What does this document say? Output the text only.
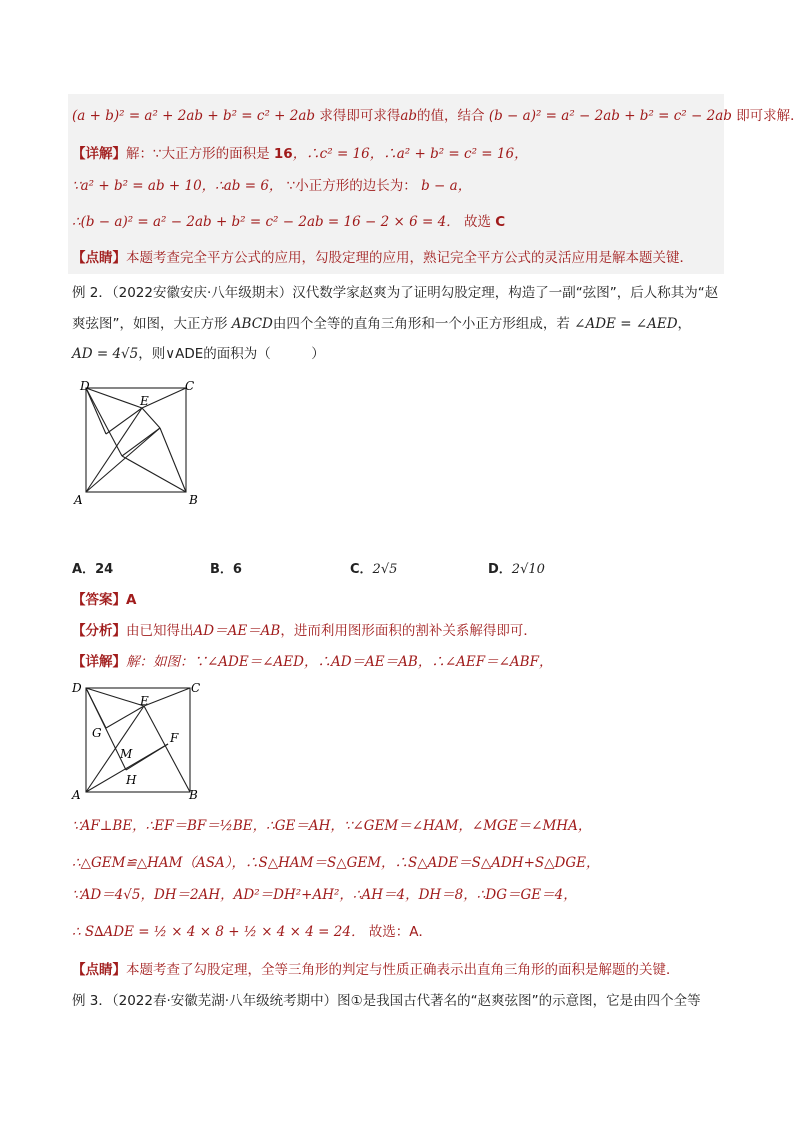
(a + b)² = a² + 2ab + b² = c² + 2ab 求得即可求得ab的值，结合 (b − a)² = a² − 2ab + b² = c² − 2ab 即可求解．
【详解】解：∵大正方形的面积是 16，∴c² = 16，∴a² + b² = c² = 16，
∵a² + b² = ab + 10，∴ab = 6， ∵小正方形的边长为： b − a，
∴(b − a)² = a² − 2ab + b² = c² − 2ab = 16 − 2 × 6 = 4． 故选 C
【点睛】本题考查完全平方公式的应用，勾股定理的应用，熟记完全平方公式的灵活应用是解本题关键．
例 2．（2022安徽安庆·八年级期末）汉代数学家赵爽为了证明勾股定理，构造了一副“弦图”，后人称其为“赵
爽弦图”，如图，大正方形 ABCD由四个全等的直角三角形和一个小正方形组成，若 ∠ADE = ∠AED，
AD = 4√5，则∨ADE的面积为（　　　）
D	C
E
A	B
A．24	B．6	C．2√5	D．2√10
【答案】A
【分析】由已知得出AD＝AE＝AB，进而利用图形面积的割补关系解得即可．
【详解】解：如图：∵∠ADE＝∠AED，∴AD＝AE＝AB，∴∠AEF＝∠ABF，
D	C
E
G	F
M
H
A	B
∵AF⊥BE，∴EF＝BF＝½BE，∴GE＝AH，∵∠GEM＝∠HAM，∠MGE＝∠MHA，
∴△GEM≌△HAM（ASA），∴S△HAM＝S△GEM，∴S△ADE＝S△ADH+S△DGE，
∵AD＝4√5，DH＝2AH，AD²＝DH²+AH²，∴AH＝4，DH＝8，∴DG＝GE＝4，
∴ S∆ADE = ½ × 4 × 8 + ½ × 4 × 4 = 24． 故选：A．
【点睛】本题考查了勾股定理，全等三角形的判定与性质正确表示出直角三角形的面积是解题的关键．
例 3．（2022春·安徽芜湖·八年级统考期中）图①是我国古代著名的“赵爽弦图”的示意图，它是由四个全等
